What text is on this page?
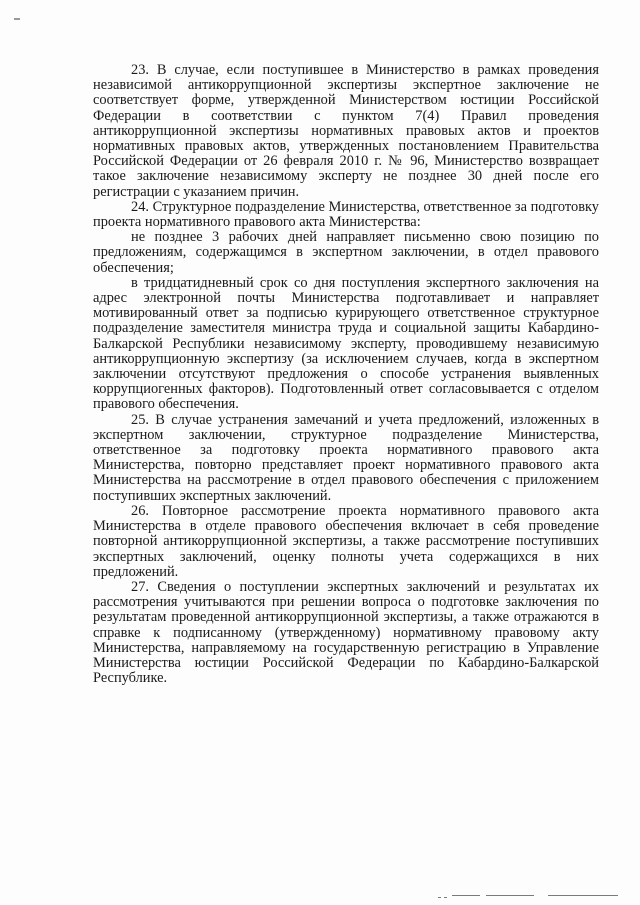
23. В случае, если поступившее в Министерство в рамках проведения независимой антикоррупционной экспертизы экспертное заключение не соответствует форме, утвержденной Министерством юстиции Российской Федерации в соответствии с пунктом 7(4) Правил проведения антикоррупционной экспертизы нормативных правовых актов и проектов нормативных правовых актов, утвержденных постановлением Правительства Российской Федерации от 26 февраля 2010 г. № 96, Министерство возвращает такое заключение независимому эксперту не позднее 30 дней после его регистрации с указанием причин.

24. Структурное подразделение Министерства, ответственное за подготовку проекта нормативного правового акта Министерства:

не позднее 3 рабочих дней направляет письменно свою позицию по предложениям, содержащимся в экспертном заключении, в отдел правового обеспечения;

в тридцатидневный срок со дня поступления экспертного заключения на адрес электронной почты Министерства подготавливает и направляет мотивированный ответ за подписью курирующего ответственное структурное подразделение заместителя министра труда и социальной защиты Кабардино-Балкарской Республики независимому эксперту, проводившему независимую антикоррупционную экспертизу (за исключением случаев, когда в экспертном заключении отсутствуют предложения о способе устранения выявленных коррупциогенных факторов). Подготовленный ответ согласовывается с отделом правового обеспечения.

25. В случае устранения замечаний и учета предложений, изложенных в экспертном заключении, структурное подразделение Министерства, ответственное за подготовку проекта нормативного правового акта Министерства, повторно представляет проект нормативного правового акта Министерства на рассмотрение в отдел правового обеспечения с приложением поступивших экспертных заключений.

26. Повторное рассмотрение проекта нормативного правового акта Министерства в отделе правового обеспечения включает в себя проведение повторной антикоррупционной экспертизы, а также рассмотрение поступивших экспертных заключений, оценку полноты учета содержащихся в них предложений.

27. Сведения о поступлении экспертных заключений и результатах их рассмотрения учитываются при решении вопроса о подготовке заключения по результатам проведенной антикоррупционной экспертизы, а также отражаются в справке к подписанному (утвержденному) нормативному правовому акту Министерства, направляемому на государственную регистрацию в Управление Министерства юстиции Российской Федерации по Кабардино-Балкарской Республике.
